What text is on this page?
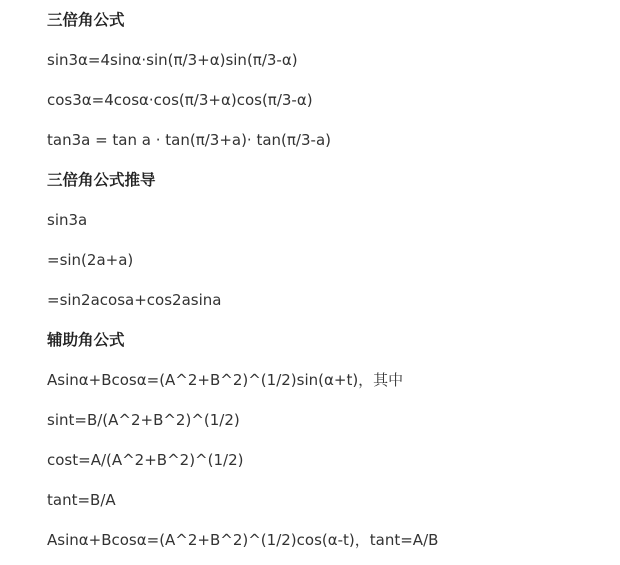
三倍角公式
sin3α=4sinα·sin(π/3+α)sin(π/3-α)
cos3α=4cosα·cos(π/3+α)cos(π/3-α)
tan3a = tan a · tan(π/3+a)· tan(π/3-a)
三倍角公式推导
sin3a
=sin(2a+a)
=sin2acosa+cos2asina
辅助角公式
Asinα+Bcosα=(A^2+B^2)^(1/2)sin(α+t)，其中
sint=B/(A^2+B^2)^(1/2)
cost=A/(A^2+B^2)^(1/2)
tant=B/A
Asinα+Bcosα=(A^2+B^2)^(1/2)cos(α-t)，tant=A/B
